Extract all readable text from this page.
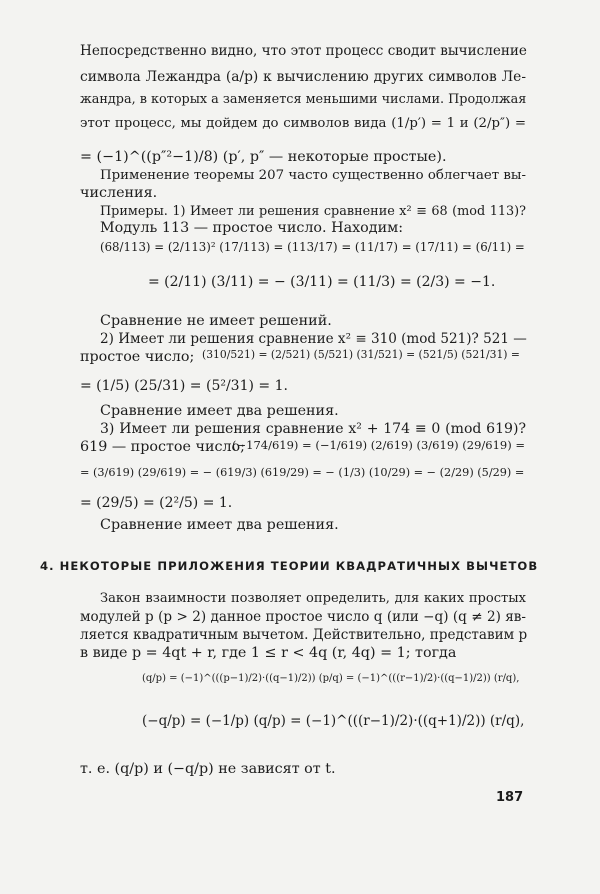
Непосредственно видно, что этот процесс сводит вычисление
символа Лежандра (a/p) к вычислению других символов Ле-
жандра, в которых a заменяется меньшими числами. Продолжая
этот процесс, мы дойдем до символов вида (1/p′) = 1 и (2/p″) =
= (−1)^((p″²−1)/8) (p′, p″ — некоторые простые).
Применение теоремы 207 часто существенно облегчает вы-
числения.
Примеры. 1) Имеет ли решения сравнение x² ≡ 68 (mod 113)?
Модуль 113 — простое число. Находим:
Сравнение не имеет решений.
2) Имеет ли решения сравнение x² ≡ 310 (mod 521)? 521 —
простое число;
Сравнение имеет два решения.
3) Имеет ли решения сравнение x² + 174 ≡ 0 (mod 619)?
619 — простое число;
Сравнение имеет два решения.
Закон взаимности позволяет определить, для каких простых
модулей p (p > 2) данное простое число q (или −q) (q ≠ 2) яв-
ляется квадратичным вычетом. Действительно, представим p
в виде p = 4qt + r, где 1 ≤ r < 4q (r, 4q) = 1; тогда
т. е. (q/p) и (−q/p) не зависят от t.
(68/113) = (2/113)² (17/113) = (113/17) = (11/17) = (17/11) = (6/11) =
= (2/11) (3/11) = − (3/11) = (11/3) = (2/3) = −1.
(310/521) = (2/521) (5/521) (31/521) = (521/5) (521/31) =
= (1/5) (25/31) = (5²/31) = 1.
(−174/619) = (−1/619) (2/619) (3/619) (29/619) =
= (3/619) (29/619) = − (619/3) (619/29) = − (1/3) (10/29) = − (2/29) (5/29) =
= (29/5) = (2²/5) = 1.
(q/p) = (−1)^(((p−1)/2)·((q−1)/2)) (p/q) = (−1)^(((r−1)/2)·((q−1)/2)) (r/q),
(−q/p) = (−1/p) (q/p) = (−1)^(((r−1)/2)·((q+1)/2)) (r/q),
4. НЕКОТОРЫЕ ПРИЛОЖЕНИЯ ТЕОРИИ КВАДРАТИЧНЫХ ВЫЧЕТОВ
187
